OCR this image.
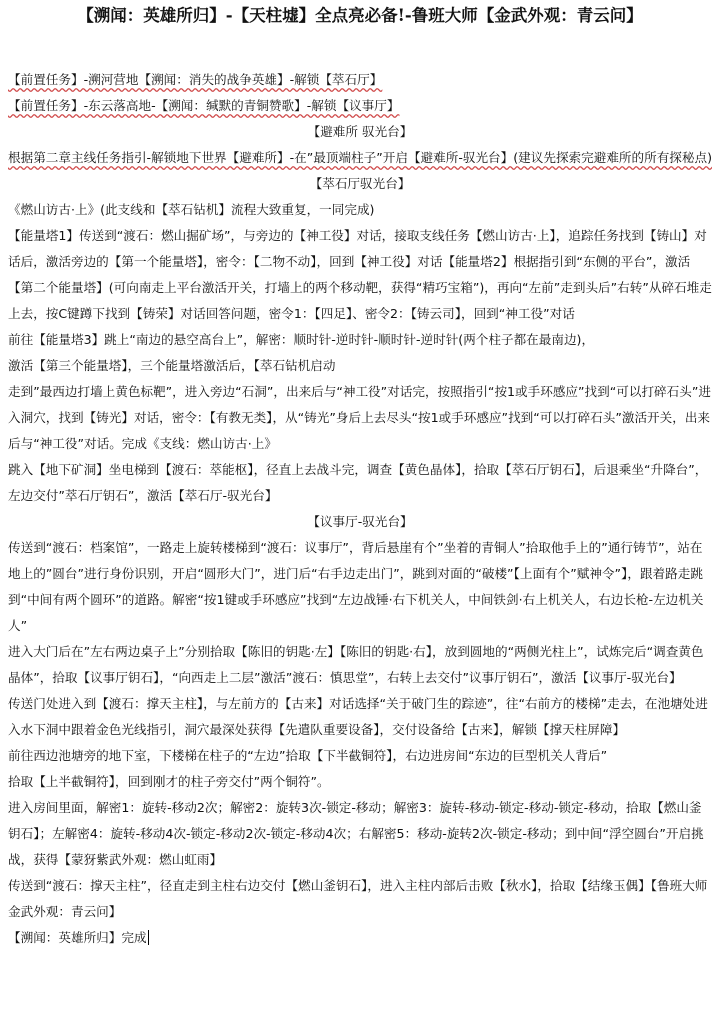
【溯闻：英雄所归】-【天柱墟】全点亮必备!-鲁班大师【金武外观：青云问】

【前置任务】-溯河营地【溯闻：消失的战争英雄】-解锁【萃石厅】

【前置任务】-东云落高地-【溯闻：缄默的青铜赞歌】-解锁【议事厅】

【避难所 驭光台】

根据第二章主线任务指引-解锁地下世界【避难所】-在”最顶端柱子”开启【避难所-驭光台】(建议先探索完避难所的所有探秘点)

【萃石厅驭光台】

《燃山访古·上》(此支线和【萃石钻机】流程大致重复，一同完成)

【能量塔1】传送到“渡石：燃山掘矿场”，与旁边的【神工役】对话，接取支线任务【燃山访古·上】，追踪任务找到【铸山】对话后，激活旁边的【第一个能量塔】，密令：【二物不动】，回到【神工役】对话【能量塔2】根据指引到“东侧的平台”，激活【第二个能量塔】(可向南走上平台激活开关，打墙上的两个移动靶，获得“精巧宝箱”)，再向“左前”走到头后”右转”从碎石堆走上去，按C键蹲下找到【铸荣】对话回答问题，密令1：【四足】、密令2：【铸云司】，回到“神工役”对话

前往【能量塔3】跳上“南边的悬空高台上”，解密：顺时针-逆时针-顺时针-逆时针(两个柱子都在最南边)，

激活【第三个能量塔】，三个能量塔激活后，【萃石钻机启动

走到”最西边打墙上黄色标靶”，进入旁边“石洞”，出来后与“神工役”对话完，按照指引“按1或手环感应”找到“可以打碎石头”进入洞穴，找到【铸光】对话，密令：【有教无类】，从“铸光”身后上去尽头“按1或手环感应”找到“可以打碎石头”激活开关，出来后与“神工役”对话。完成《支线：燃山访古·上》

跳入【地下矿洞】坐电梯到【渡石：萃能枢】，径直上去战斗完，调查【黄色晶体】，拾取【萃石厅钥石】，后退乘坐“升降台”，左边交付”萃石厅钥石”，激活【萃石厅-驭光台】

【议事厅-驭光台】

传送到“渡石：档案馆”，一路走上旋转楼梯到“渡石：议事厅”，背后悬崖有个”坐着的青铜人”拾取他手上的”通行铸节”，站在地上的”圆台”进行身份识别，开启“圆形大门”，进门后“右手边走出门”，跳到对面的“破楼”【上面有个”赋神令”】，跟着路走跳到“中间有两个圆环”的道路。解密“按1键或手环感应”找到“左边战锤·右下机关人，中间铁剑·右上机关人，右边长枪-左边机关人”

进入大门后在”左右两边桌子上”分别拾取【陈旧的钥匙·左】【陈旧的钥匙·右】，放到圆地的“两侧光柱上”，试炼完后“调查黄色晶体”，拾取【议事厅钥石】，“向西走上二层”激活”渡石：慎思堂”，右转上去交付”议事厅钥石”，激活【议事厅-驭光台】

传送门处进入到【渡石：撑天主柱】，与左前方的【古来】对话选择“关于破门生的踪迹”，往“右前方的楼梯”走去，在池塘处进入水下洞中跟着金色光线指引，洞穴最深处获得【先遣队重要设备】，交付设备给【古来】，解锁【撑天柱屏障】

前往西边池塘旁的地下室，下楼梯在柱子的“左边”拾取【下半截铜符】，右边进房间“东边的巨型机关人背后”

拾取【上半截铜符】，回到刚才的柱子旁交付”两个铜符”。

进入房间里面，解密1：旋转-移动2次；解密2：旋转3次-锁定-移动；解密3：旋转-移动-锁定-移动-锁定-移动，拾取【燃山釜钥石】；左解密4：旋转-移动4次-锁定-移动2次-锁定-移动4次；右解密5：移动-旋转2次-锁定-移动；到中间“浮空圆台”开启挑战，获得【蒙犽紫武外观：燃山虹雨】

传送到“渡石：撑天主柱”，径直走到主柱右边交付【燃山釜钥石】，进入主柱内部后击败【秋水】，拾取【结缘玉偶】【鲁班大师金武外观：青云问】

【溯闻：英雄所归】完成
